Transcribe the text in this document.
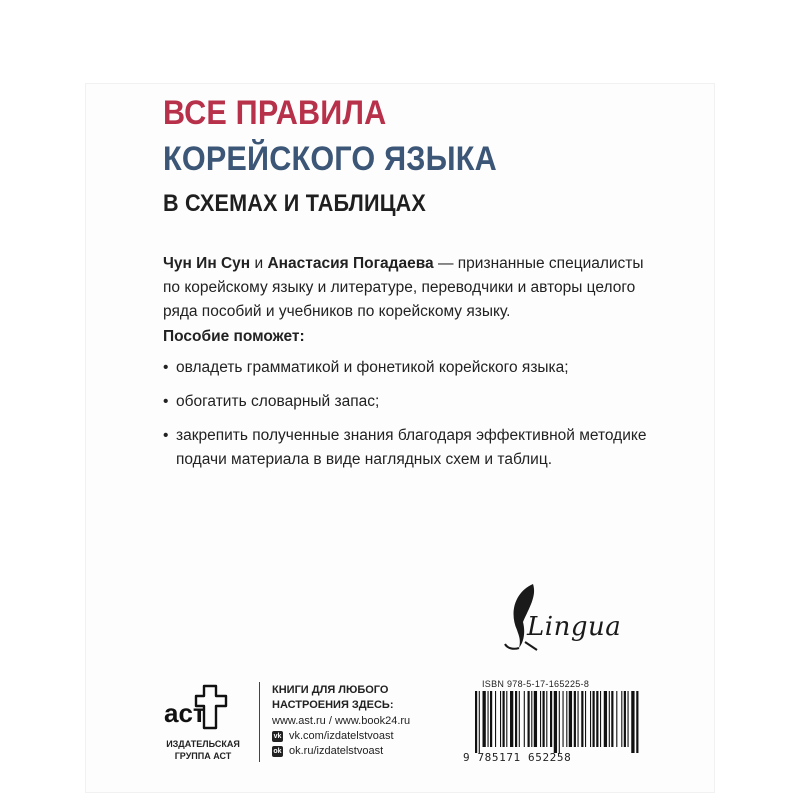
ВСЕ ПРАВИЛА
КОРЕЙСКОГО ЯЗЫКА
В СХЕМАХ И ТАБЛИЦАХ
Чун Ин Сун и Анастасия Погадаева — признанные специалисты по корейскому языку и литературе, переводчики и авторы целого ряда пособий и учебников по корейскому языку.
Пособие поможет:
• овладеть грамматикой и фонетикой корейского языка;
• обогатить словарный запас;
• закрепить полученные знания благодаря эффективной методике подачи материала в виде наглядных схем и таблиц.
Lingua
аст
ИЗДАТЕЛЬСКАЯ
ГРУППА АСТ
КНИГИ ДЛЯ ЛЮБОГО
НАСТРОЕНИЯ ЗДЕСЬ:
www.ast.ru / www.book24.ru
vk vk.com/izdatelstvoast
ok ok.ru/izdatelstvoast
ISBN 978-5-17-165225-8
9 785171 652258
